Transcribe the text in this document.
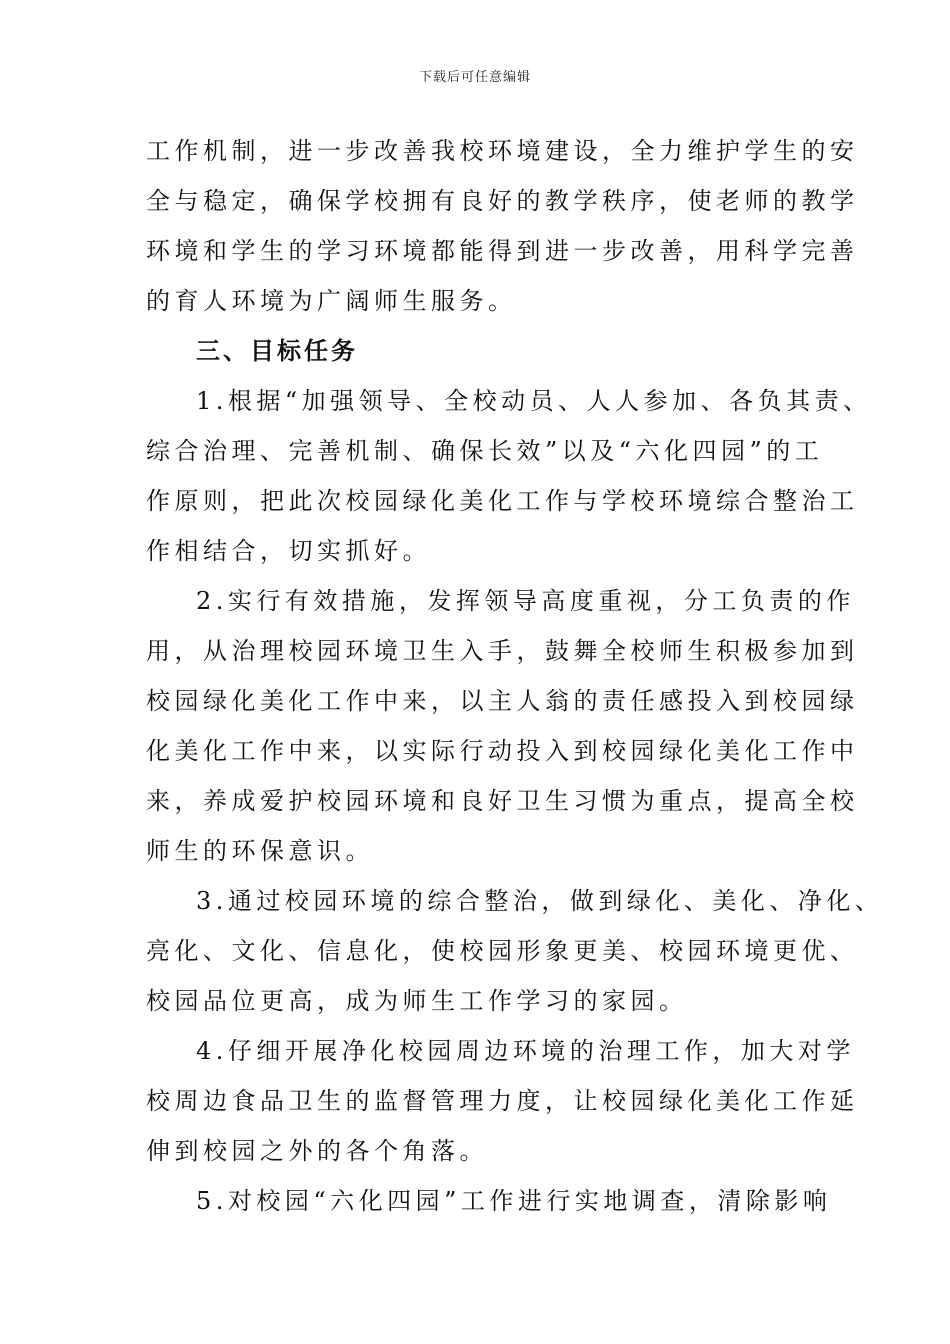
下载后可任意编辑
工作机制，进一步改善我校环境建设，全力维护学生的安
全与稳定，确保学校拥有良好的教学秩序，使老师的教学
环境和学生的学习环境都能得到进一步改善，用科学完善
的育人环境为广阔师生服务。
三、目标任务
1.根据“加强领导、全校动员、人人参加、各负其责、
综合治理、完善机制、确保长效”以及“六化四园”的工
作原则，把此次校园绿化美化工作与学校环境综合整治工
作相结合，切实抓好。
2.实行有效措施，发挥领导高度重视，分工负责的作
用，从治理校园环境卫生入手，鼓舞全校师生积极参加到
校园绿化美化工作中来，以主人翁的责任感投入到校园绿
化美化工作中来，以实际行动投入到校园绿化美化工作中
来，养成爱护校园环境和良好卫生习惯为重点，提高全校
师生的环保意识。
3.通过校园环境的综合整治，做到绿化、美化、净化、
亮化、文化、信息化，使校园形象更美、校园环境更优、
校园品位更高，成为师生工作学习的家园。
4.仔细开展净化校园周边环境的治理工作，加大对学
校周边食品卫生的监督管理力度，让校园绿化美化工作延
伸到校园之外的各个角落。
5.对校园“六化四园”工作进行实地调查，清除影响
